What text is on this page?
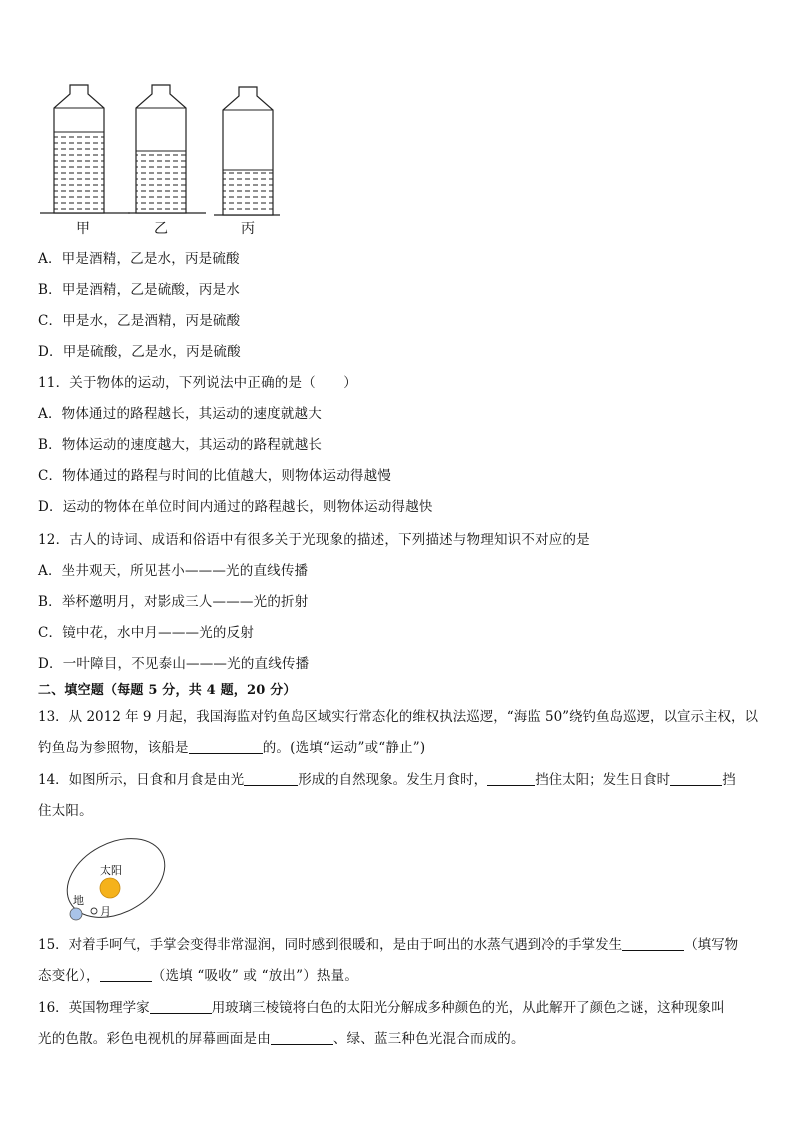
甲	乙	丙
A．甲是酒精，乙是水，丙是硫酸
B．甲是酒精，乙是硫酸，丙是水
C．甲是水，乙是酒精，丙是硫酸
D．甲是硫酸，乙是水，丙是硫酸
11．关于物体的运动，下列说法中正确的是（　　）
A．物体通过的路程越长，其运动的速度就越大
B．物体运动的速度越大，其运动的路程就越长
C．物体通过的路程与时间的比值越大，则物体运动得越慢
D．运动的物体在单位时间内通过的路程越长，则物体运动得越快
12．古人的诗词、成语和俗语中有很多关于光现象的描述，下列描述与物理知识不对应的是
A．坐井观天，所见甚小———光的直线传播
B．举杯邀明月，对影成三人———光的折射
C．镜中花，水中月———光的反射
D．一叶障目，不见泰山———光的直线传播
二、填空题（每题 5 分，共 4 题，20 分）
13．从 2012 年 9 月起，我国海监对钓鱼岛区域实行常态化的维权执法巡逻，“海监 50”绕钓鱼岛巡逻，以宣示主权，以
钓鱼岛为参照物，该船是	的。(选填“运动”或“静止”)
14．如图所示，日食和月食是由光	形成的自然现象。发生月食时，	挡住太阳；发生日食时	挡
住太阳。
太阳
地
月
15．对着手呵气，手掌会变得非常湿润，同时感到很暖和，是由于呵出的水蒸气遇到冷的手掌发生	（填写物
态变化），	（选填 “吸收” 或 “放出”）热量。
16．英国物理学家	用玻璃三棱镜将白色的太阳光分解成多种颜色的光，从此解开了颜色之谜，这种现象叫
光的色散。彩色电视机的屏幕画面是由	、绿、蓝三种色光混合而成的。
